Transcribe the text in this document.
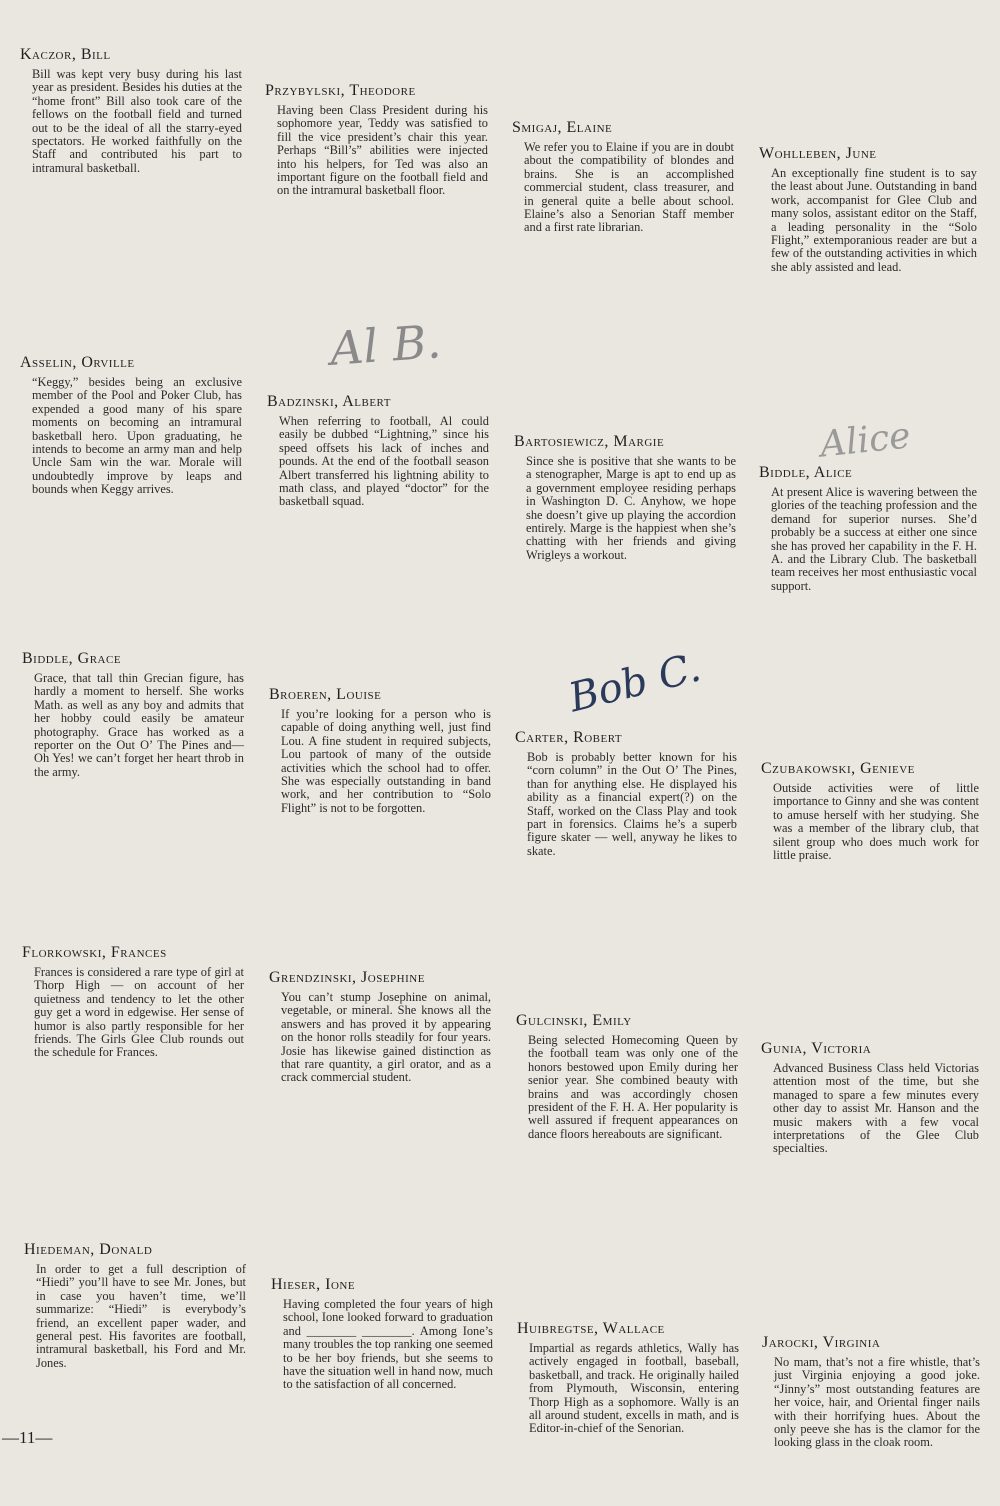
Kaczor, Bill
Bill was kept very busy during his last year as president. Besides his duties at the “home front” Bill also took care of the fellows on the football field and turned out to be the ideal of all the starry-eyed spectators. He worked faithfully on the Staff and contributed his part to intramural basketball.
Przybylski, Theodore
Having been Class President during his sophomore year, Teddy was satisfied to fill the vice president’s chair this year. Perhaps “Bill’s” abilities were injected into his helpers, for Ted was also an important figure on the football field and on the intramural basketball floor.
Smigaj, Elaine
We refer you to Elaine if you are in doubt about the compatibility of blondes and brains. She is an accomplished commercial student, class treasurer, and in general quite a belle about school. Elaine’s also a Senorian Staff member and a first rate librarian.
Wohlleben, June
An exceptionally fine student is to say the least about June. Outstanding in band work, accompanist for Glee Club and many solos, assistant editor on the Staff, a leading personality in the “Solo Flight,” extemporanious reader are but a few of the outstanding activities in which she ably assisted and lead.
Asselin, Orville
“Keggy,” besides being an exclusive member of the Pool and Poker Club, has expended a good many of his spare moments on becoming an intramural basketball hero. Upon graduating, he intends to become an army man and help Uncle Sam win the war. Morale will undoubtedly improve by leaps and bounds when Keggy arrives.
Badzinski, Albert
When referring to football, Al could easily be dubbed “Lightning,” since his speed offsets his lack of inches and pounds. At the end of the football season Albert transferred his lightning ability to math class, and played “doctor” for the basketball squad.
Bartosiewicz, Margie
Since she is positive that she wants to be a stenographer, Marge is apt to end up as a government employee residing perhaps in Washington D. C. Anyhow, we hope she doesn’t give up playing the accordion entirely. Marge is the happiest when she’s chatting with her friends and giving Wrigleys a workout.
Biddle, Alice
At present Alice is wavering between the glories of the teaching profession and the demand for superior nurses. She’d probably be a success at either one since she has proved her capability in the F. H. A. and the Library Club. The basketball team receives her most enthusiastic vocal support.
Biddle, Grace
Grace, that tall thin Grecian figure, has hardly a moment to herself. She works Math. as well as any boy and admits that her hobby could easily be amateur photography. Grace has worked as a reporter on the Out O’ The Pines and—Oh Yes! we can’t forget her heart throb in the army.
Broeren, Louise
If you’re looking for a person who is capable of doing anything well, just find Lou. A fine student in required subjects, Lou partook of many of the outside activities which the school had to offer. She was especially outstanding in band work, and her contribution to “Solo Flight” is not to be forgotten.
Carter, Robert
Bob is probably better known for his “corn column” in the Out O’ The Pines, than for anything else. He displayed his ability as a financial expert(?) on the Staff, worked on the Class Play and took part in forensics. Claims he’s a superb figure skater — well, anyway he likes to skate.
Czubakowski, Genieve
Outside activities were of little importance to Ginny and she was content to amuse herself with her studying. She was a member of the library club, that silent group who does much work for little praise.
Florkowski, Frances
Frances is considered a rare type of girl at Thorp High — on account of her quietness and tendency to let the other guy get a word in edgewise. Her sense of humor is also partly responsible for her friends. The Girls Glee Club rounds out the schedule for Frances.
Grendzinski, Josephine
You can’t stump Josephine on animal, vegetable, or mineral. She knows all the answers and has proved it by appearing on the honor rolls steadily for four years. Josie has likewise gained distinction as that rare quantity, a girl orator, and as a crack commercial student.
Gulcinski, Emily
Being selected Homecoming Queen by the football team was only one of the honors bestowed upon Emily during her senior year. She combined beauty with brains and was accordingly chosen president of the F. H. A. Her popularity is well assured if frequent appearances on dance floors hereabouts are significant.
Gunia, Victoria
Advanced Business Class held Victorias attention most of the time, but she managed to spare a few minutes every other day to assist Mr. Hanson and the music makers with a few vocal interpretations of the Glee Club specialties.
Hiedeman, Donald
In order to get a full description of “Hiedi” you’ll have to see Mr. Jones, but in case you haven’t time, we’ll summarize: “Hiedi” is everybody’s friend, an excellent paper wader, and general pest. His favorites are football, intramural basketball, his Ford and Mr. Jones.
Hieser, Ione
Having completed the four years of high school, Ione looked forward to graduation and ________ ________. Among Ione’s many troubles the top ranking one seemed to be her boy friends, but she seems to have the situation well in hand now, much to the satisfaction of all concerned.
Huibregtse, Wallace
Impartial as regards athletics, Wally has actively engaged in football, baseball, basketball, and track. He originally hailed from Plymouth, Wisconsin, entering Thorp High as a sophomore. Wally is an all around student, excells in math, and is Editor-in-chief of the Senorian.
Jarocki, Virginia
No mam, that’s not a fire whistle, that’s just Virginia enjoying a good joke. “Jinny’s” most outstanding features are her voice, hair, and Oriental finger nails with their horrifying hues. About the only peeve she has is the clamor for the looking glass in the cloak room.
Al B.
Alice
Bob C.
—11—
